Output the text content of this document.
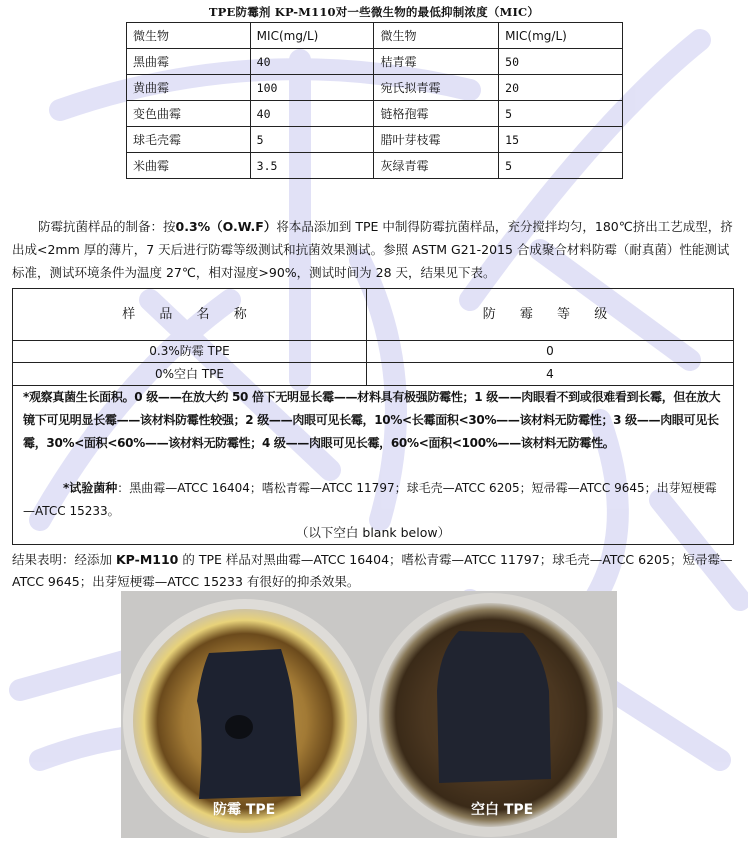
TPE防霉剂 KP-M110对一些微生物的最低抑制浓度（MIC）
微生物	MIC(mg/L)	微生物	MIC(mg/L)
黑曲霉	40	桔青霉	50
黄曲霉	100	宛氏拟青霉	20
变色曲霉	40	链格孢霉	5
球毛壳霉	5	腊叶芽枝霉	15
米曲霉	3.5	灰绿青霉	5
防霉抗菌样品的制备：按0.3%（O.W.F）将本品添加到 TPE 中制得防霉抗菌样品，充分搅拌均匀，180℃挤出工艺成型，挤出成<2mm 厚的薄片，7 天后进行防霉等级测试和抗菌效果测试。参照 ASTM G21-2015 合成聚合材料防霉（耐真菌）性能测试标准，测试环境条件为温度 27℃，相对湿度>90%，测试时间为 28 天，结果见下表。
样 品 名 称	防 霉 等 级
0.3%防霉 TPE	0
0%空白 TPE	4
*观察真菌生长面积。0 级——在放大约 50 倍下无明显长霉——材料具有极强防霉性；1 级——肉眼看不到或很难看到长霉，但在放大镜下可见明显长霉——该材料防霉性较强；2 级——肉眼可见长霉，10%<长霉面积<30%——该材料无防霉性；3 级——肉眼可见长霉，30%<面积<60%——该材料无防霉性；4 级——肉眼可见长霉，60%<面积<100%——该材料无防霉性。
*试验菌种：黑曲霉—ATCC 16404；嗜松青霉—ATCC 11797；球毛壳—ATCC 6205；短帚霉—ATCC 9645；出芽短梗霉—ATCC 15233。
（以下空白 blank below）
结果表明：经添加 KP-M110 的 TPE 样品对黑曲霉—ATCC 16404；嗜松青霉—ATCC 11797；球毛壳—ATCC 6205；短帚霉—ATCC 9645；出芽短梗霉—ATCC 15233 有很好的抑杀效果。
防霉 TPE	空白 TPE
